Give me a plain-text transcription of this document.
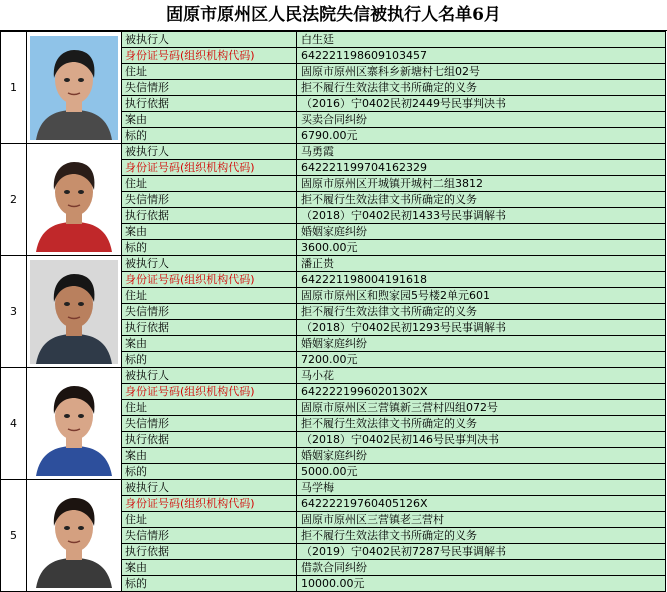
固原市原州区人民法院失信被执行人名单6月
1		被执行人	白生廷
		身份证号码(组织机构代码)	642221198609103457
		住址	固原市原州区寨科乡新塘村七组02号
		失信情形	拒不履行生效法律文书所确定的义务
		执行依据	（2016）宁0402民初2449号民事判决书
		案由	买卖合同纠纷
		标的	6790.00元
2		被执行人	马勇霞
		身份证号码(组织机构代码)	642221199704162329
		住址	固原市原州区开城镇开城村二组3812
		失信情形	拒不履行生效法律文书所确定的义务
		执行依据	（2018）宁0402民初1433号民事调解书
		案由	婚姻家庭纠纷
		标的	3600.00元
3		被执行人	潘正贵
		身份证号码(组织机构代码)	642221198004191618
		住址	固原市原州区和煦家园5号楼2单元601
		失信情形	拒不履行生效法律文书所确定的义务
		执行依据	（2018）宁0402民初1293号民事调解书
		案由	婚姻家庭纠纷
		标的	7200.00元
4		被执行人	马小花
		身份证号码(组织机构代码)	64222219960201302X
		住址	固原市原州区三营镇新三营村四组072号
		失信情形	拒不履行生效法律文书所确定的义务
		执行依据	（2018）宁0402民初146号民事判决书
		案由	婚姻家庭纠纷
		标的	5000.00元
5		被执行人	马学梅
		身份证号码(组织机构代码)	64222219760405126X
		住址	固原市原州区三营镇老三营村
		失信情形	拒不履行生效法律文书所确定的义务
		执行依据	（2019）宁0402民初7287号民事调解书
		案由	借款合同纠纷
		标的	10000.00元
